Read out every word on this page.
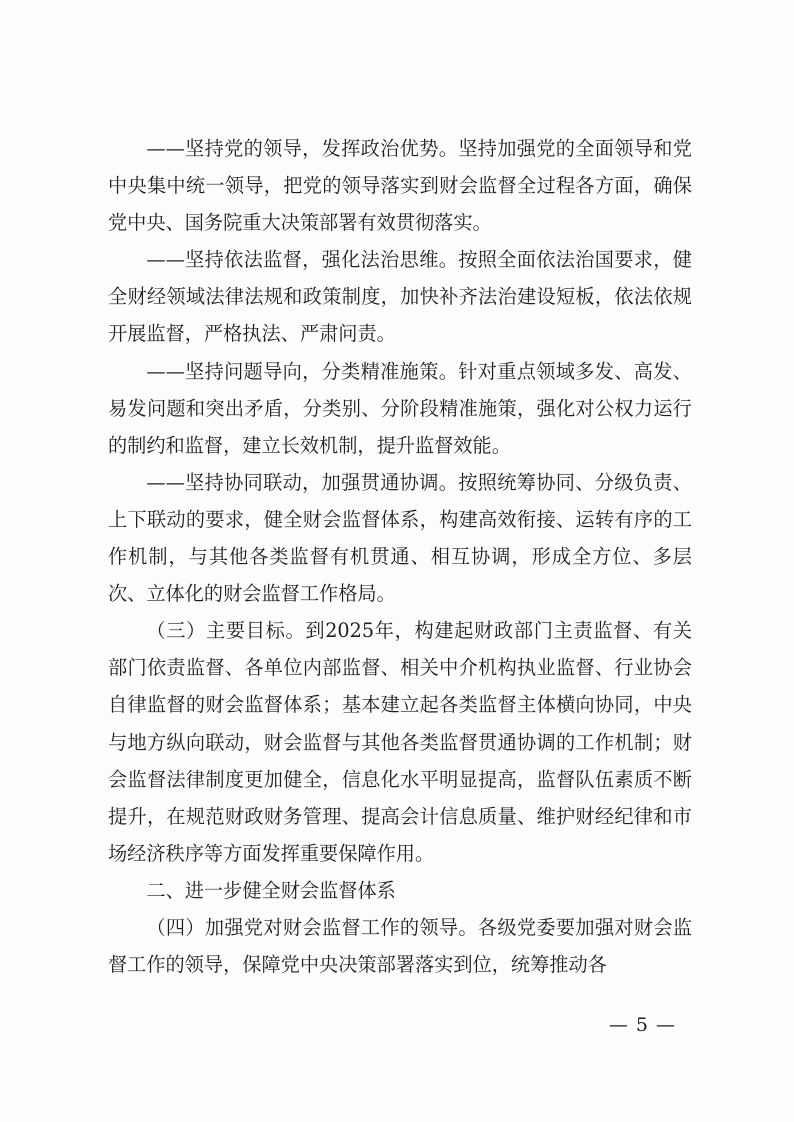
——坚持党的领导，发挥政治优势。坚持加强党的全面领导和党中央集中统一领导，把党的领导落实到财会监督全过程各方面，确保党中央、国务院重大决策部署有效贯彻落实。

——坚持依法监督，强化法治思维。按照全面依法治国要求，健全财经领域法律法规和政策制度，加快补齐法治建设短板，依法依规开展监督，严格执法、严肃问责。

——坚持问题导向，分类精准施策。针对重点领域多发、高发、易发问题和突出矛盾，分类别、分阶段精准施策，强化对公权力运行的制约和监督，建立长效机制，提升监督效能。

——坚持协同联动，加强贯通协调。按照统筹协同、分级负责、上下联动的要求，健全财会监督体系，构建高效衔接、运转有序的工作机制，与其他各类监督有机贯通、相互协调，形成全方位、多层次、立体化的财会监督工作格局。

（三）主要目标。到2025年，构建起财政部门主责监督、有关部门依责监督、各单位内部监督、相关中介机构执业监督、行业协会自律监督的财会监督体系；基本建立起各类监督主体横向协同，中央与地方纵向联动，财会监督与其他各类监督贯通协调的工作机制；财会监督法律制度更加健全，信息化水平明显提高，监督队伍素质不断提升，在规范财政财务管理、提高会计信息质量、维护财经纪律和市场经济秩序等方面发挥重要保障作用。

二、进一步健全财会监督体系

（四）加强党对财会监督工作的领导。各级党委要加强对财会监督工作的领导，保障党中央决策部署落实到位，统筹推动各

— 5 —
